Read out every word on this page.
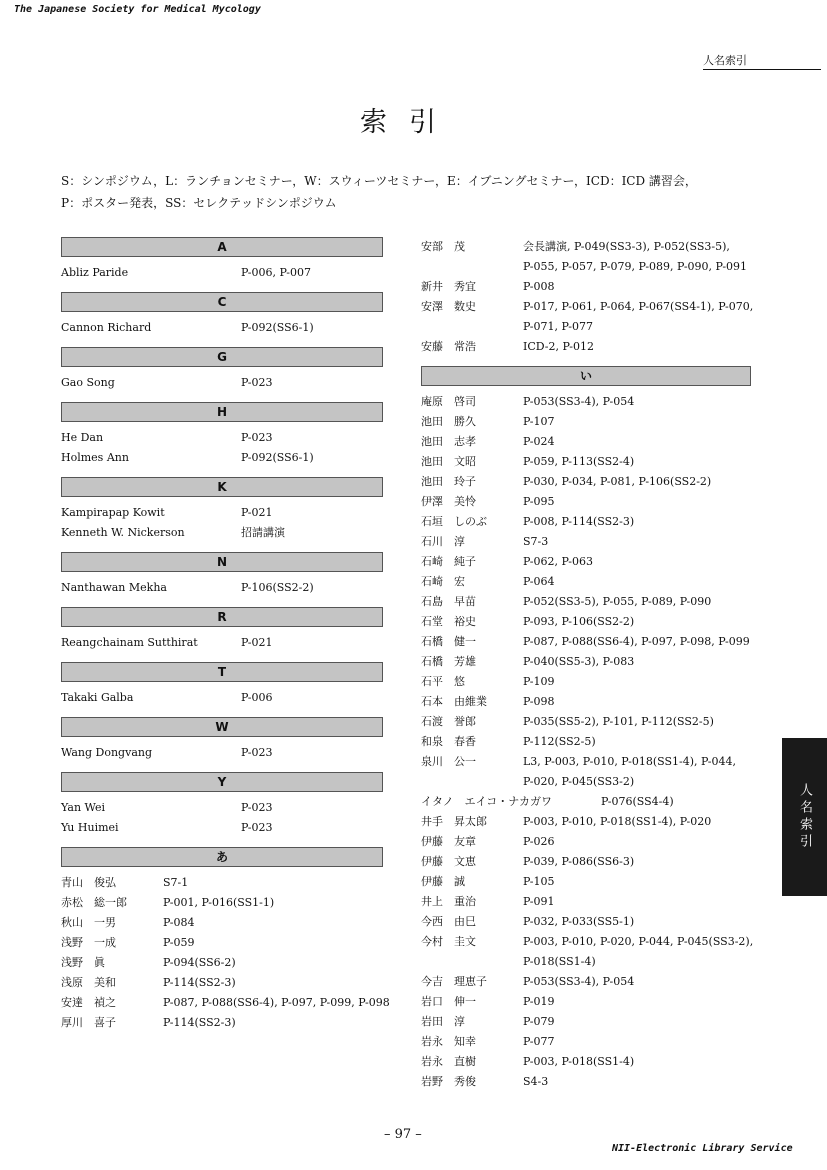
The Japanese Society for Medical Mycology
人名索引
索引
S：シンポジウム，L：ランチョンセミナー，W：スウィーツセミナー，E：イブニングセミナー，ICD：ICD 講習会，
P：ポスター発表，SS：セレクテッドシンポジウム
A
Abliz Paride	P-006, P-007
C
Cannon Richard	P-092(SS6-1)
G
Gao Song	P-023
H
He Dan	P-023
Holmes Ann	P-092(SS6-1)
K
Kampirapap Kowit	P-021
Kenneth W. Nickerson	招請講演
N
Nanthawan Mekha	P-106(SS2-2)
R
Reangchainam Sutthirat	P-021
T
Takaki Galba	P-006
W
Wang Dongvang	P-023
Y
Yan Wei	P-023
Yu Huimei	P-023
あ
青山　俊弘	S7-1
赤松　総一郎	P-001, P-016(SS1-1)
秋山　一男	P-084
浅野　一成	P-059
浅野　眞	P-094(SS6-2)
浅原　美和	P-114(SS2-3)
安達　禎之	P-087, P-088(SS6-4), P-097, P-099, P-098
厚川　喜子	P-114(SS2-3)
安部　茂	会長講演, P-049(SS3-3), P-052(SS3-5),
P-055, P-057, P-079, P-089, P-090, P-091
新井　秀宜	P-008
安澤　数史	P-017, P-061, P-064, P-067(SS4-1), P-070,
P-071, P-077
安藤　常浩	ICD-2, P-012
い
庵原　啓司	P-053(SS3-4), P-054
池田　勝久	P-107
池田　志孝	P-024
池田　文昭	P-059, P-113(SS2-4)
池田　玲子	P-030, P-034, P-081, P-106(SS2-2)
伊澤　美怜	P-095
石垣　しのぶ	P-008, P-114(SS2-3)
石川　淳	S7-3
石崎　純子	P-062, P-063
石崎　宏	P-064
石島　早苗	P-052(SS3-5), P-055, P-089, P-090
石堂　裕史	P-093, P-106(SS2-2)
石橋　健一	P-087, P-088(SS6-4), P-097, P-098, P-099
石橋　芳雄	P-040(SS5-3), P-083
石平　悠	P-109
石本　由維業	P-098
石渡　誉郎	P-035(SS5-2), P-101, P-112(SS2-5)
和泉　春香	P-112(SS2-5)
泉川　公一	L3, P-003, P-010, P-018(SS1-4), P-044,
P-020, P-045(SS3-2)
イタノ　エイコ・ナカガワ	P-076(SS4-4)
井手　昇太郎	P-003, P-010, P-018(SS1-4), P-020
伊藤　友章	P-026
伊藤　文恵	P-039, P-086(SS6-3)
伊藤　誠	P-105
井上　重治	P-091
今西　由巳	P-032, P-033(SS5-1)
今村　圭文	P-003, P-010, P-020, P-044, P-045(SS3-2),
P-018(SS1-4)
今吉　理恵子	P-053(SS3-4), P-054
岩口　伸一	P-019
岩田　淳	P-079
岩永　知幸	P-077
岩永　直樹	P-003, P-018(SS1-4)
岩野　秀俊	S4-3
人名索引
– 97 –
NII-Electronic Library Service
